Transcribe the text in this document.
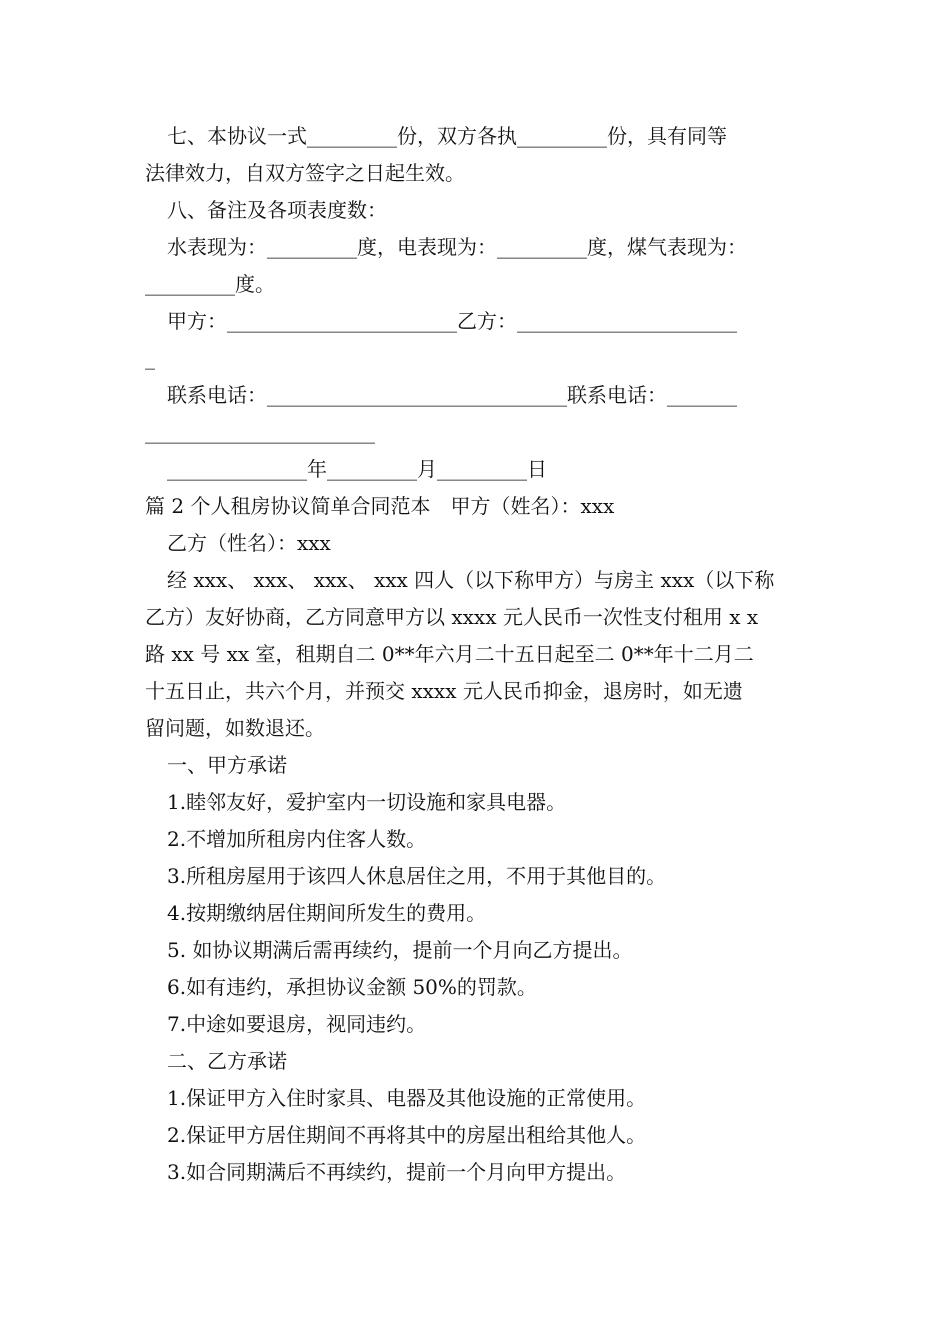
七、本协议一式_________份，双方各执_________份，具有同等

法律效力，自双方签字之日起生效。

八、备注及各项表度数：

水表现为：_________度，电表现为：_________度，煤气表现为：

_________度。

甲方：_______________________乙方：______________________

_

联系电话：______________________________联系电话：_______

_______________________

______________年_________月_________日

篇 2 个人租房协议简单合同范本　甲方（姓名）：xxx

乙方（性名）：xxx

经 xxx、 xxx、 xxx、 xxx 四人（以下称甲方）与房主 xxx（以下称

乙方）友好协商，乙方同意甲方以 xxxx 元人民币一次性支付租用 x x

路 xx 号 xx 室，租期自二 0**年六月二十五日起至二 0**年十二月二

十五日止，共六个月，并预交 xxxx 元人民币抑金，退房时，如无遗

留问题，如数退还。

一、甲方承诺

1.睦邻友好，爱护室内一切设施和家具电器。

2.不增加所租房内住客人数。

3.所租房屋用于该四人休息居住之用，不用于其他目的。

4.按期缴纳居住期间所发生的费用。

5. 如协议期满后需再续约，提前一个月向乙方提出。

6.如有违约，承担协议金额 50%的罚款。

7.中途如要退房，视同违约。

二、乙方承诺

1.保证甲方入住时家具、电器及其他设施的正常使用。

2.保证甲方居住期间不再将其中的房屋出租给其他人。

3.如合同期满后不再续约，提前一个月向甲方提出。
